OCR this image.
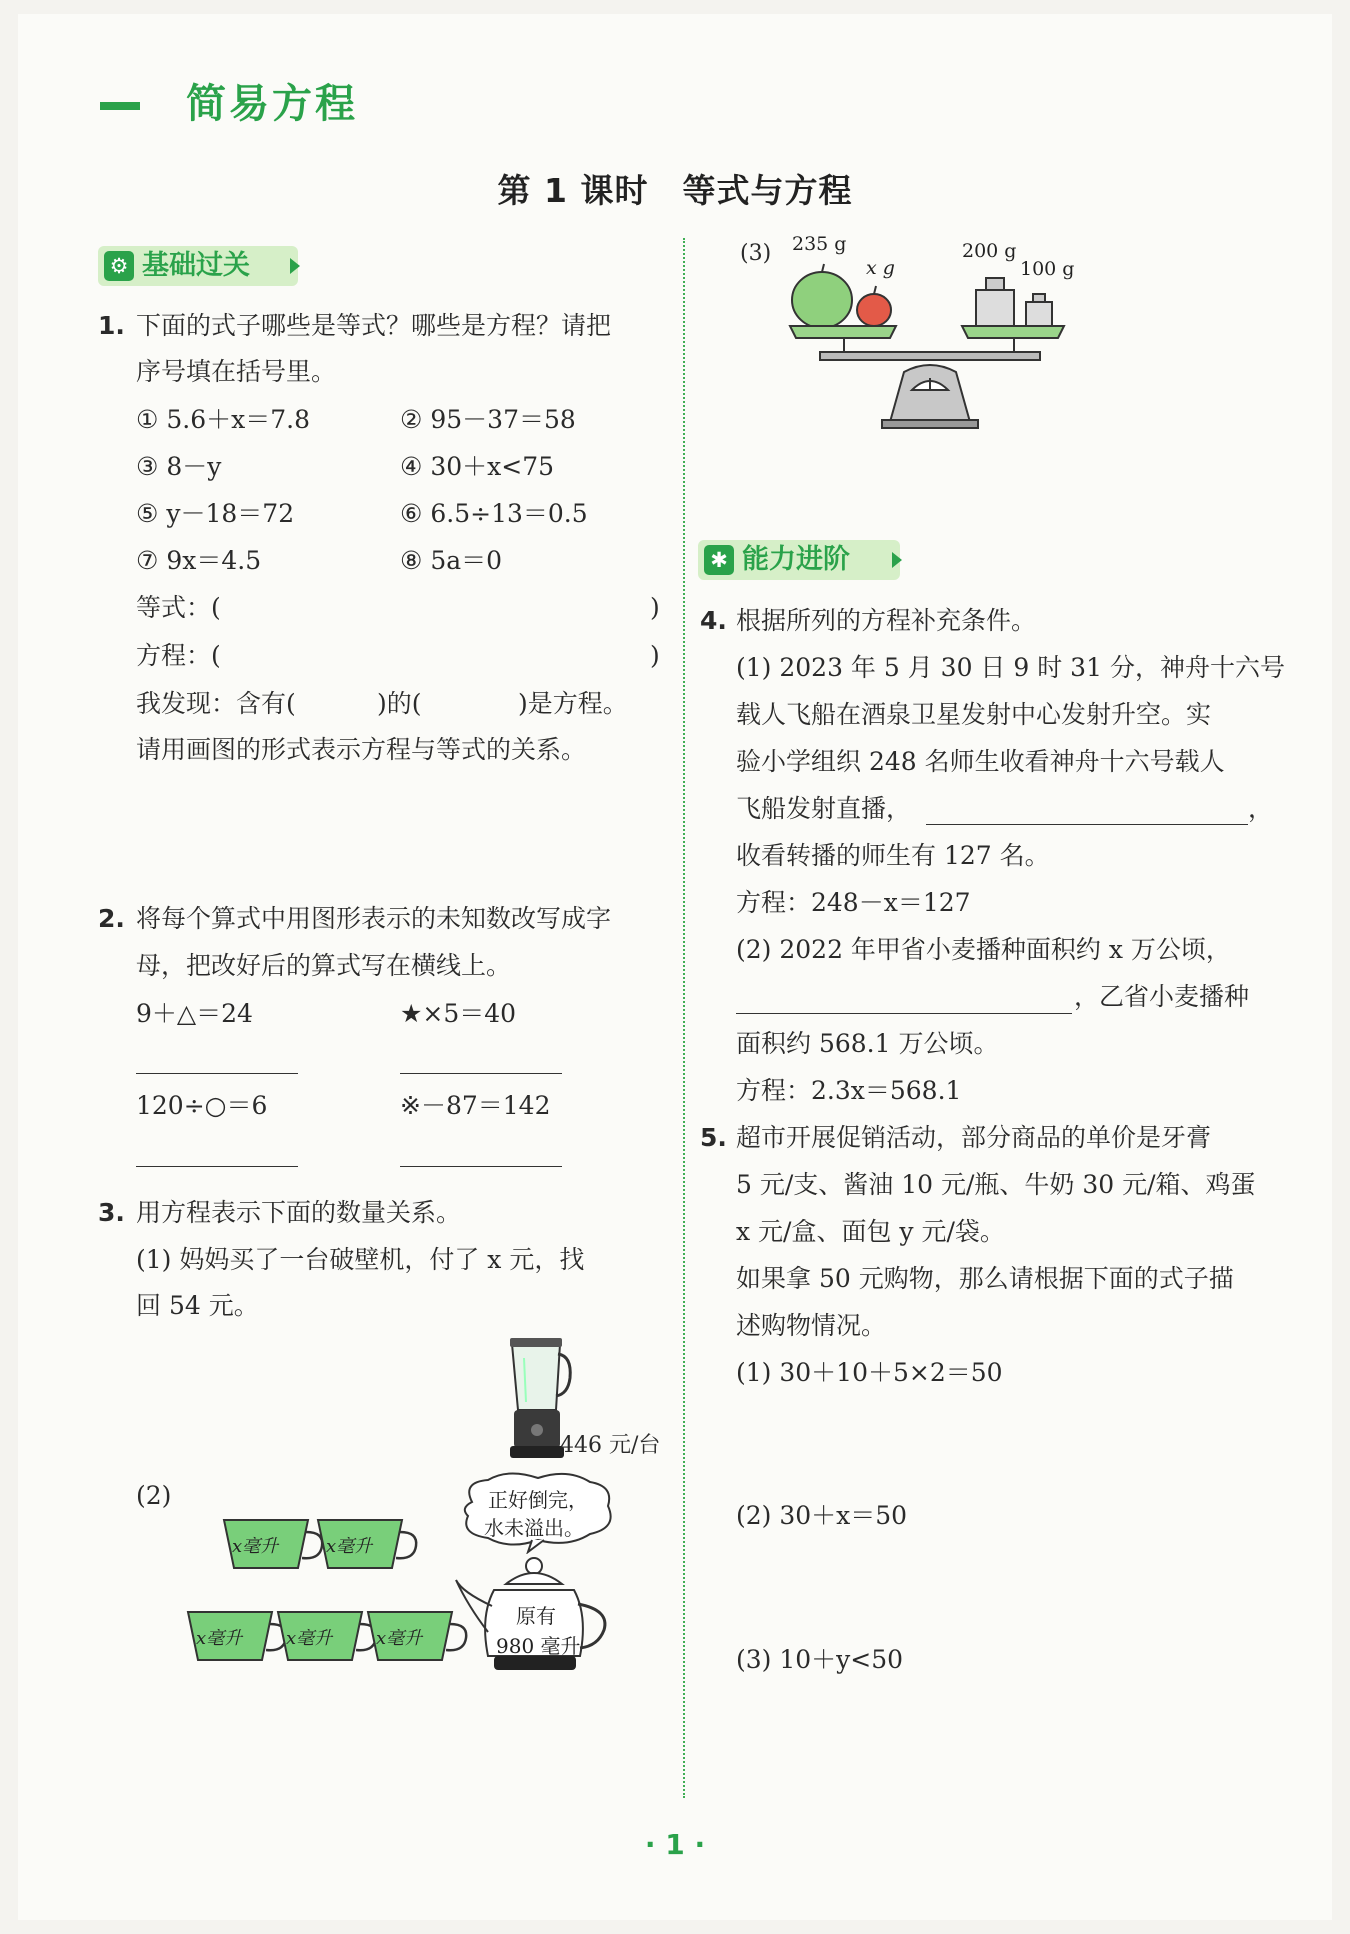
简易方程
第 1 课时　等式与方程
⚙ 基础过关
1. 下面的式子哪些是等式？哪些是方程？请把
序号填在括号里。
① 5.6＋x＝7.8	② 95－37＝58
③ 8－y	④ 30＋x<75
⑤ y－18＝72	⑥ 6.5÷13＝0.5
⑦ 9x＝4.5	⑧ 5a＝0
等式：(	)
方程：(	)
我发现：含有(	)的(	)是方程。
请用画图的形式表示方程与等式的关系。
2. 将每个算式中用图形表示的未知数改写成字
母，把改好后的算式写在横线上。
9＋△＝24	★×5＝40
120÷○＝6	※－87＝142
3. 用方程表示下面的数量关系。
(1) 妈妈买了一台破壁机，付了 x 元，找
回 54 元。
446 元/台
(2)
x毫升	x毫升
x毫升 x毫升 x毫升
正好倒完，
水未溢出。
原有
980 毫升
(3) 235 g
x g
200 g
100 g
✱ 能力进阶
4. 根据所列的方程补充条件。
(1) 2023 年 5 月 30 日 9 时 31 分，神舟十六号
载人飞船在酒泉卫星发射中心发射升空。实
验小学组织 248 名师生收看神舟十六号载人
飞船发射直播，	，
收看转播的师生有 127 名。
方程：248－x＝127
(2) 2022 年甲省小麦播种面积约 x 万公顷，
，乙省小麦播种
面积约 568.1 万公顷。
方程：2.3x＝568.1
5. 超市开展促销活动，部分商品的单价是牙膏
5 元/支、酱油 10 元/瓶、牛奶 30 元/箱、鸡蛋
x 元/盒、面包 y 元/袋。
如果拿 50 元购物，那么请根据下面的式子描
述购物情况。
(1) 30＋10＋5×2＝50
(2) 30＋x＝50
(3) 10＋y<50
· 1 ·
